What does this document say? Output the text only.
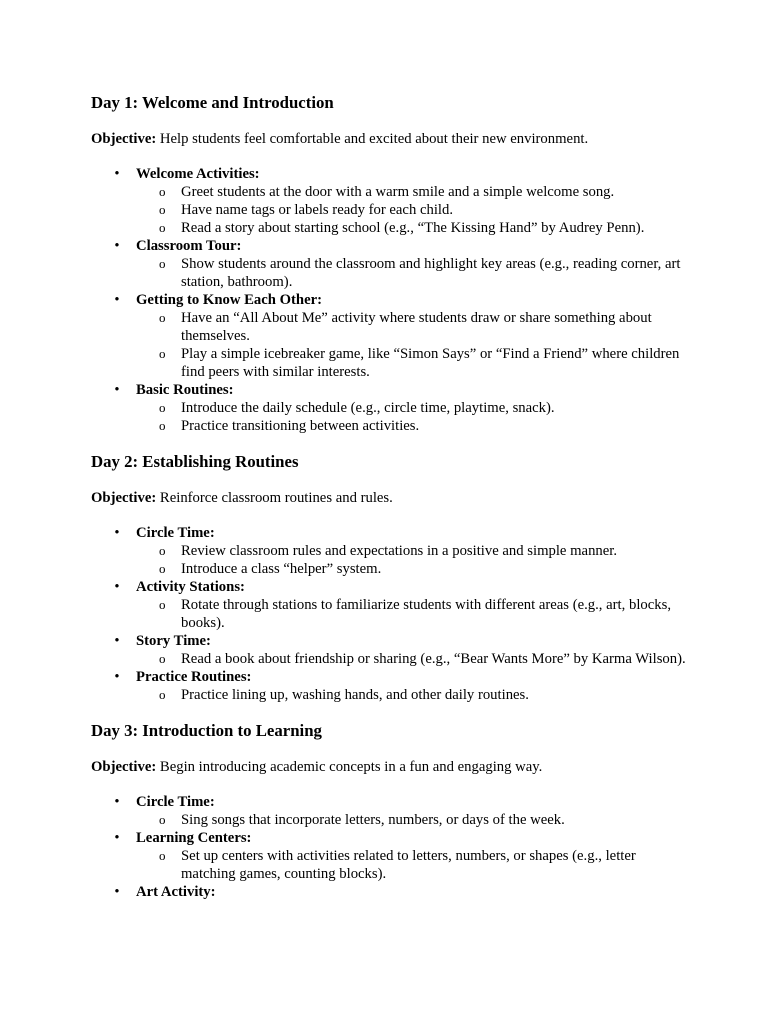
Day 1: Welcome and Introduction

Objective: Help students feel comfortable and excited about their new environment.

• Welcome Activities:
o Greet students at the door with a warm smile and a simple welcome song.
o Have name tags or labels ready for each child.
o Read a story about starting school (e.g., “The Kissing Hand” by Audrey Penn).
• Classroom Tour:
o Show students around the classroom and highlight key areas (e.g., reading corner, art station, bathroom).
• Getting to Know Each Other:
o Have an “All About Me” activity where students draw or share something about themselves.
o Play a simple icebreaker game, like “Simon Says” or “Find a Friend” where children find peers with similar interests.
• Basic Routines:
o Introduce the daily schedule (e.g., circle time, playtime, snack).
o Practice transitioning between activities.
Day 2: Establishing Routines

Objective: Reinforce classroom routines and rules.

• Circle Time:
o Review classroom rules and expectations in a positive and simple manner.
o Introduce a class “helper” system.
• Activity Stations:
o Rotate through stations to familiarize students with different areas (e.g., art, blocks, books).
• Story Time:
o Read a book about friendship or sharing (e.g., “Bear Wants More” by Karma Wilson).
• Practice Routines:
o Practice lining up, washing hands, and other daily routines.
Day 3: Introduction to Learning

Objective: Begin introducing academic concepts in a fun and engaging way.

• Circle Time:
o Sing songs that incorporate letters, numbers, or days of the week.
• Learning Centers:
o Set up centers with activities related to letters, numbers, or shapes (e.g., letter matching games, counting blocks).
• Art Activity:
